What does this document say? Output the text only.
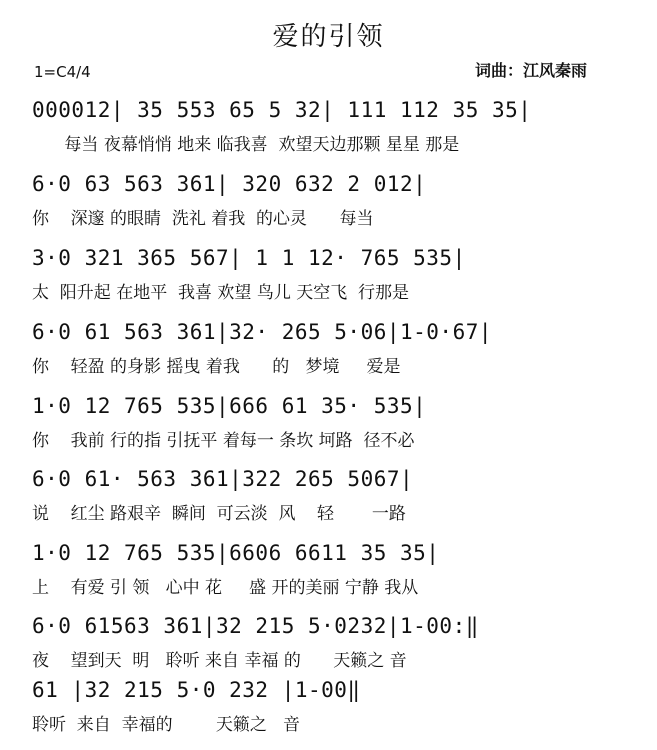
爱的引领
1=C4/4	词曲：江风秦雨
000012| 35 553 65 5 32| 111 112 35 35|
每当 夜幕悄悄 地来 临我喜  欢望天边那颗 星星 那是
6·0 63 563 361| 320 632 2 012|
你    深邃 的眼睛  洗礼 着我  的心灵      每当
3·0 321 365 567| 1 1 12· 765 535|
太  阳升起 在地平  我喜 欢望 鸟儿 天空飞  行那是
6·0 61 563 361|32· 265 5·06|1-0·67|
你    轻盈 的身影 摇曳 着我      的   梦境     爱是
1·0 12 765 535|666 61 35· 535|
你    我前 行的指 引抚平 着每一 条坎 坷路  径不必
6·0 61· 563 361|322 265 5067|
说    红尘 路艰辛  瞬间  可云淡  风    轻       一路
1·0 12 765 535|6606 6611 35 35|
上    有爱 引 领   心中 花     盛 开的美丽 宁静 我从
6·0 61563 361|32 215 5·0232|1-00:‖
夜    望到天  明   聆听 来自 幸福 的      天籁之 音
61 |32 215 5·0 232 |1-00‖
聆听  来自  幸福的        天籁之   音
